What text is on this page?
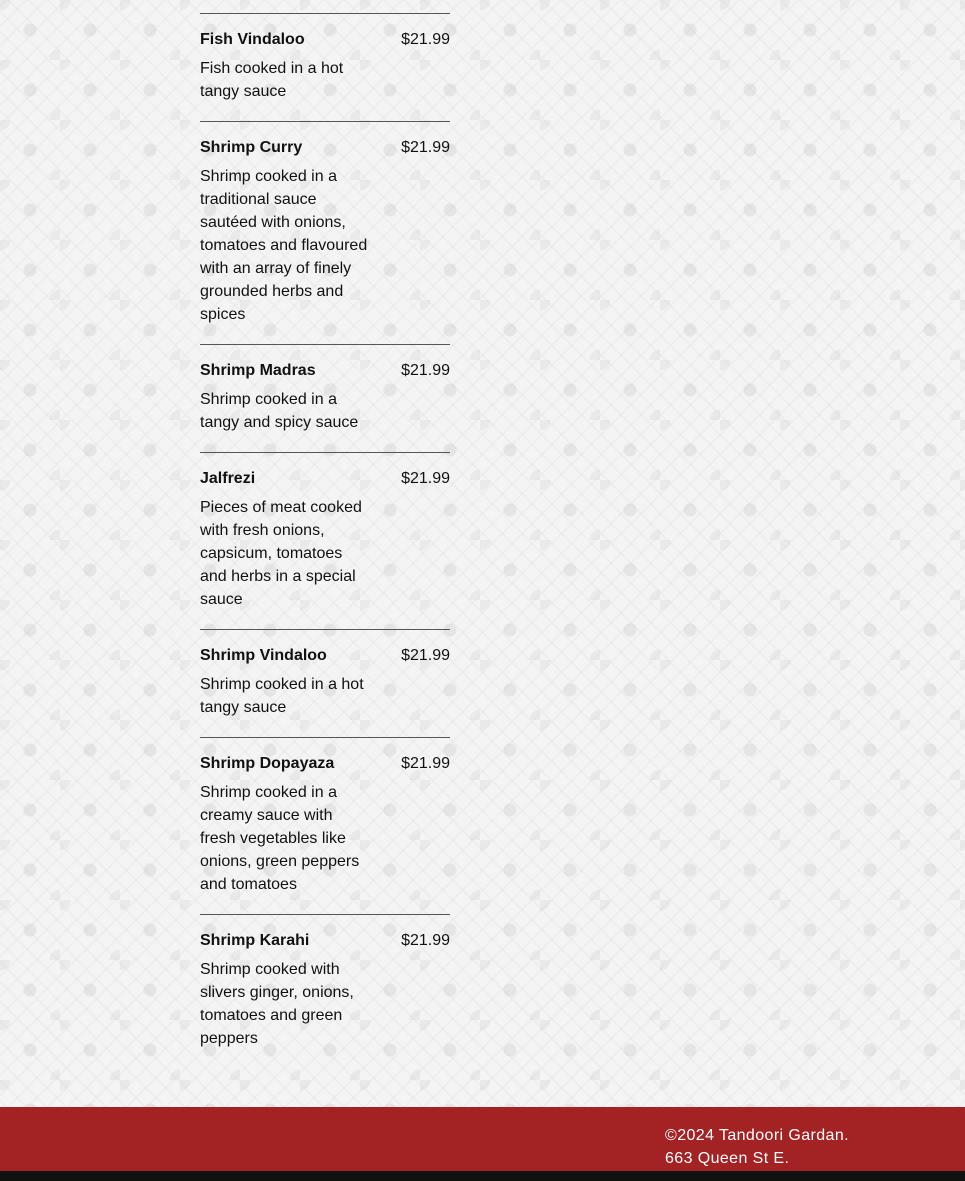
Fish Vindaloo
Fish cooked in a hot tangy sauce
$21.99
Shrimp Curry
Shrimp cooked in a traditional sauce sautéed with onions, tomatoes and flavoured with an array of finely grounded herbs and spices
$21.99
Shrimp Madras
Shrimp cooked in a tangy and spicy sauce
$21.99
Jalfrezi
Pieces of meat cooked with fresh onions, capsicum, tomatoes and herbs in a special sauce
$21.99
Shrimp Vindaloo
Shrimp cooked in a hot tangy sauce
$21.99
Shrimp Dopayaza
Shrimp cooked in a creamy sauce with fresh vegetables like onions, green peppers and tomatoes
$21.99
Shrimp Karahi
Shrimp cooked with slivers ginger, onions, tomatoes and green peppers
$21.99
©2024 Tandoori Gardan.
663 Queen St E.
